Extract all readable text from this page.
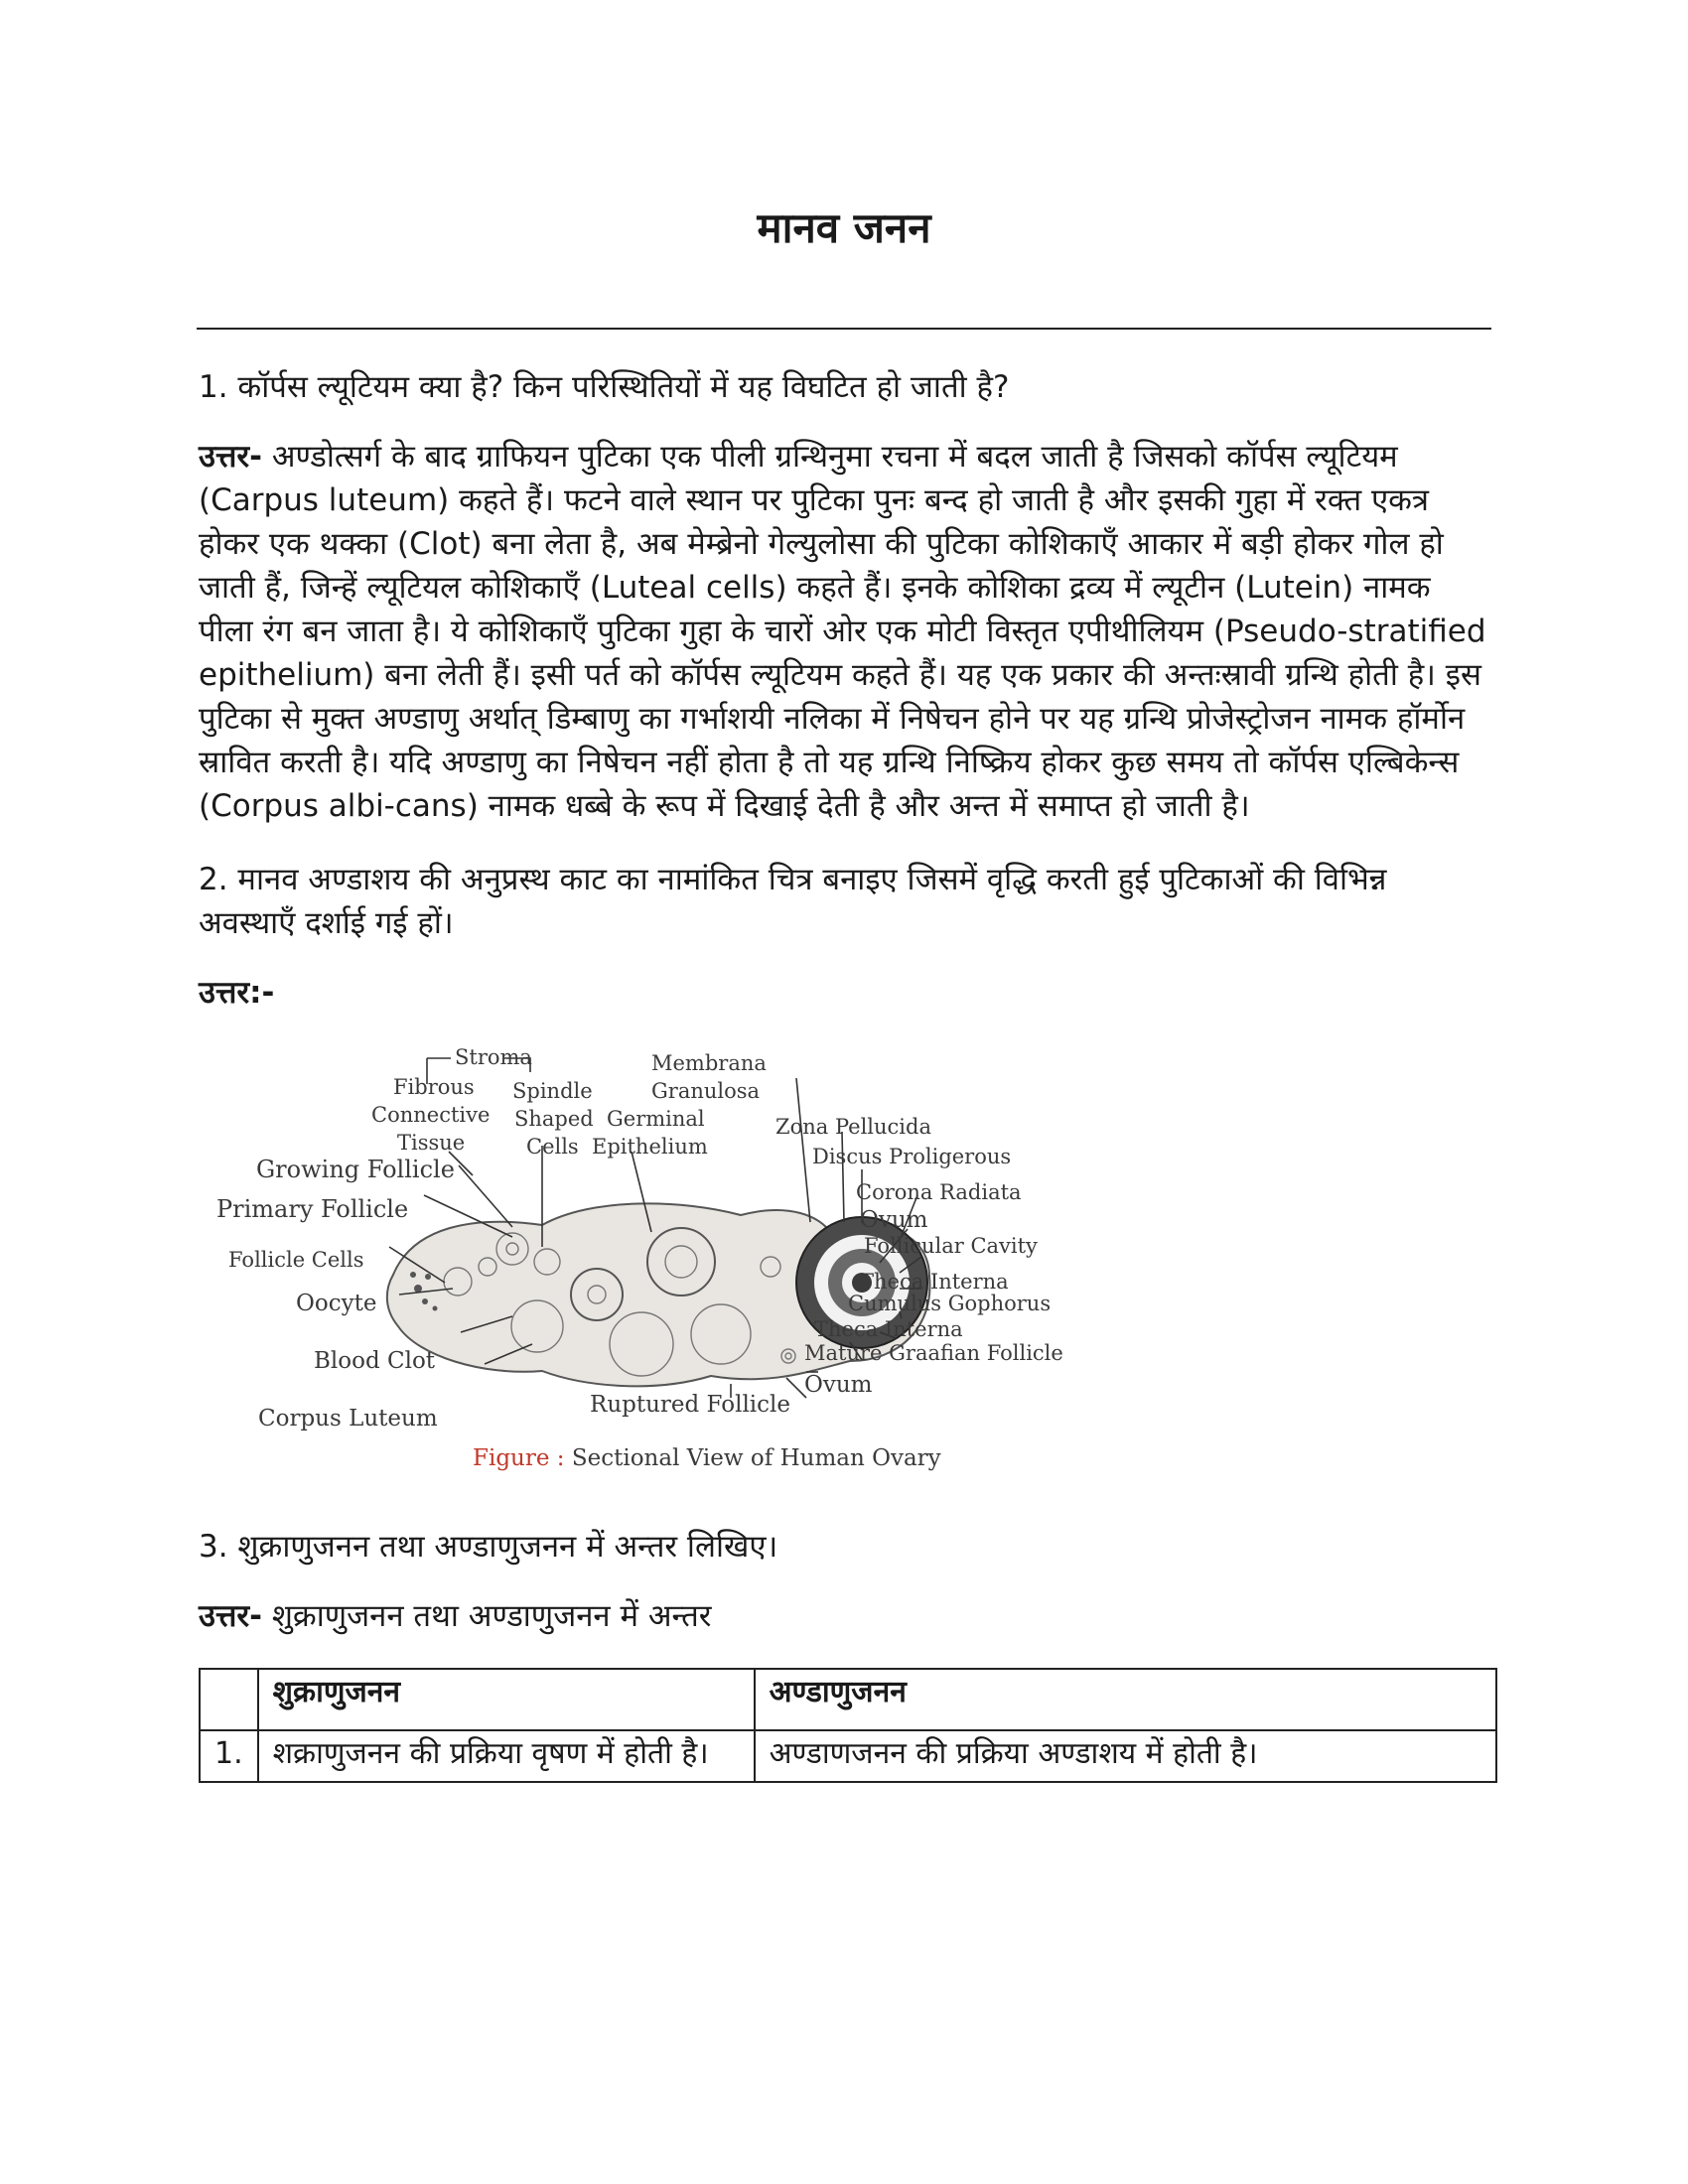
मानव जनन

1. कॉर्पस ल्यूटियम क्या है? किन परिस्थितियों में यह विघटित हो जाती है?

उत्तर- अण्डोत्सर्ग के बाद ग्राफियन पुटिका एक पीली ग्रन्थिनुमा रचना में बदल जाती है जिसको कॉर्पस ल्यूटियम (Carpus luteum) कहते हैं। फटने वाले स्थान पर पुटिका पुनः बन्द हो जाती है और इसकी गुहा में रक्त एकत्र होकर एक थक्का (Clot) बना लेता है, अब मेम्ब्रेनो गेल्युलोसा की पुटिका कोशिकाएँ आकार में बड़ी होकर गोल हो जाती हैं, जिन्हें ल्यूटियल कोशिकाएँ (Luteal cells) कहते हैं। इनके कोशिका द्रव्य में ल्यूटीन (Lutein) नामक पीला रंग बन जाता है। ये कोशिकाएँ पुटिका गुहा के चारों ओर एक मोटी विस्तृत एपीथीलियम (Pseudo-stratified epithelium) बना लेती हैं। इसी पर्त को कॉर्पस ल्यूटियम कहते हैं। यह एक प्रकार की अन्तःस्रावी ग्रन्थि होती है। इस पुटिका से मुक्त अण्डाणु अर्थात् डिम्बाणु का गर्भाशयी नलिका में निषेचन होने पर यह ग्रन्थि प्रोजेस्ट्रोजन नामक हॉर्मोन स्रावित करती है। यदि अण्डाणु का निषेचन नहीं होता है तो यह ग्रन्थि निष्क्रिय होकर कुछ समय तो कॉर्पस एल्बिकेन्स (Corpus albi-cans) नामक धब्बे के रूप में दिखाई देती है और अन्त में समाप्त हो जाती है।

2. मानव अण्डाशय की अनुप्रस्थ काट का नामांकित चित्र बनाइए जिसमें वृद्धि करती हुई पुटिकाओं की विभिन्न अवस्थाएँ दर्शाई गई हों।

उत्तर:-

Stroma
Fibrous
Connective
Tissue
Spindle
Shaped
Cells
Germinal
Epithelium
Membrana
Granulosa
Zona Pellucida
Discus Proligerous
Corona Radiata
Ovum
Follicular Cavity
Theca Interna
Cumulus Gophorus
Theca Interna
Mature Graafian Follicle
Ovum
Ruptured Follicle
Growing Follicle
Primary Follicle
Follicle Cells
Oocyte
Blood Clot
Corpus Luteum
Figure : Sectional View of Human Ovary

3. शुक्राणुजनन तथा अण्डाणुजनन में अन्तर लिखिए।

उत्तर- शुक्राणुजनन तथा अण्डाणुजनन में अन्तर

	शुक्राणुजनन	अण्डाणुजनन
1.	शक्राणुजनन की प्रक्रिया वृषण में होती है।	अण्डाणजनन की प्रक्रिया अण्डाशय में होती है।
